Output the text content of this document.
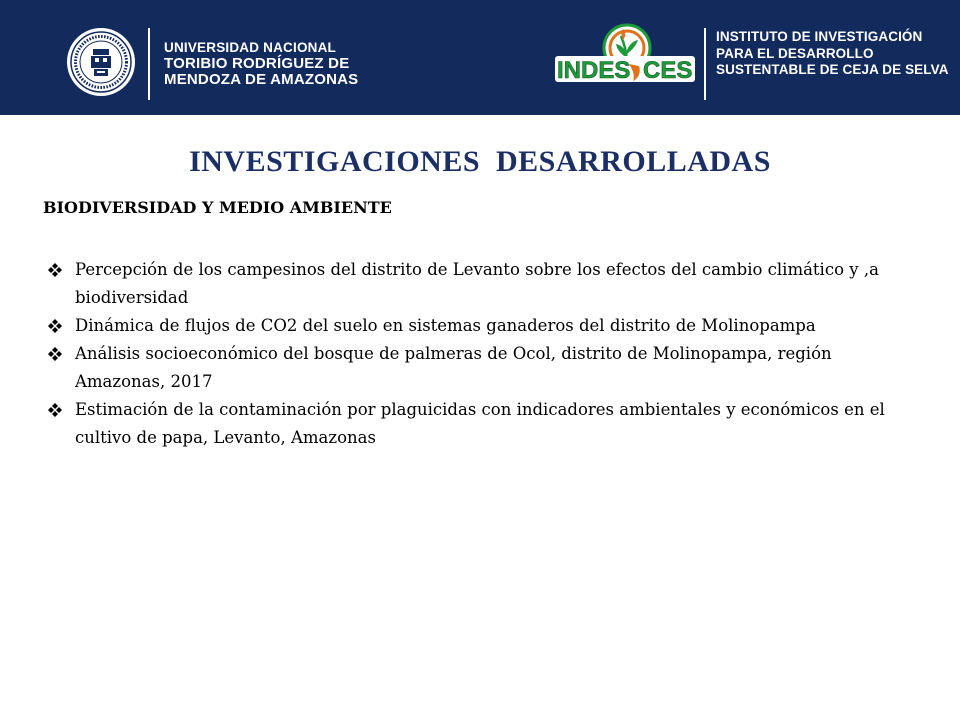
UNIVERSIDAD NACIONAL
TORIBIO RODRÍGUEZ DE
MENDOZA DE AMAZONAS	INDES CES
INSTITUTO DE INVESTIGACIÓN
PARA EL DESARROLLO
SUSTENTABLE DE CEJA DE SELVA
INVESTIGACIONES  DESARROLLADAS
BIODIVERSIDAD Y MEDIO AMBIENTE
Percepción de los campesinos del distrito de Levanto sobre los efectos del cambio climático y ,a biodiversidad
Dinámica de flujos de CO2 del suelo en sistemas ganaderos del distrito de Molinopampa
Análisis socioeconómico del bosque de palmeras de Ocol, distrito de Molinopampa, región Amazonas, 2017
Estimación de la contaminación por plaguicidas con indicadores ambientales y económicos en el cultivo de papa, Levanto, Amazonas
